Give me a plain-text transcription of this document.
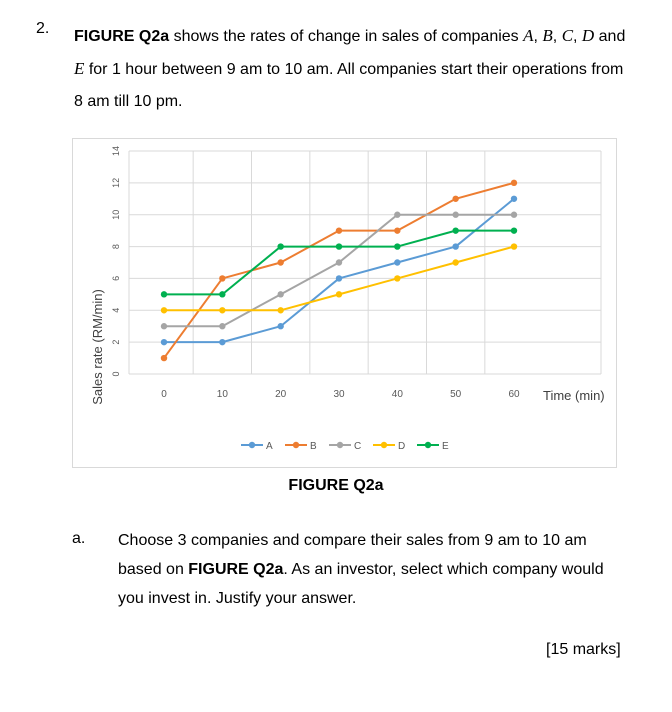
2. FIGURE Q2a shows the rates of change in sales of companies A, B, C, D and E for 1 hour between 9 am to 10 am. All companies start their operations from 8 am till 10 pm.
0
2
4
6
8
10
12
14
0	10	20	30	40	50	60
A	B	C	D	E
Sales rate (RM/min)	Time (min)
FIGURE Q2a
a. Choose 3 companies and compare their sales from 9 am to 10 am based on FIGURE Q2a. As an investor, select which company would you invest in. Justify your answer.
[15 marks]
